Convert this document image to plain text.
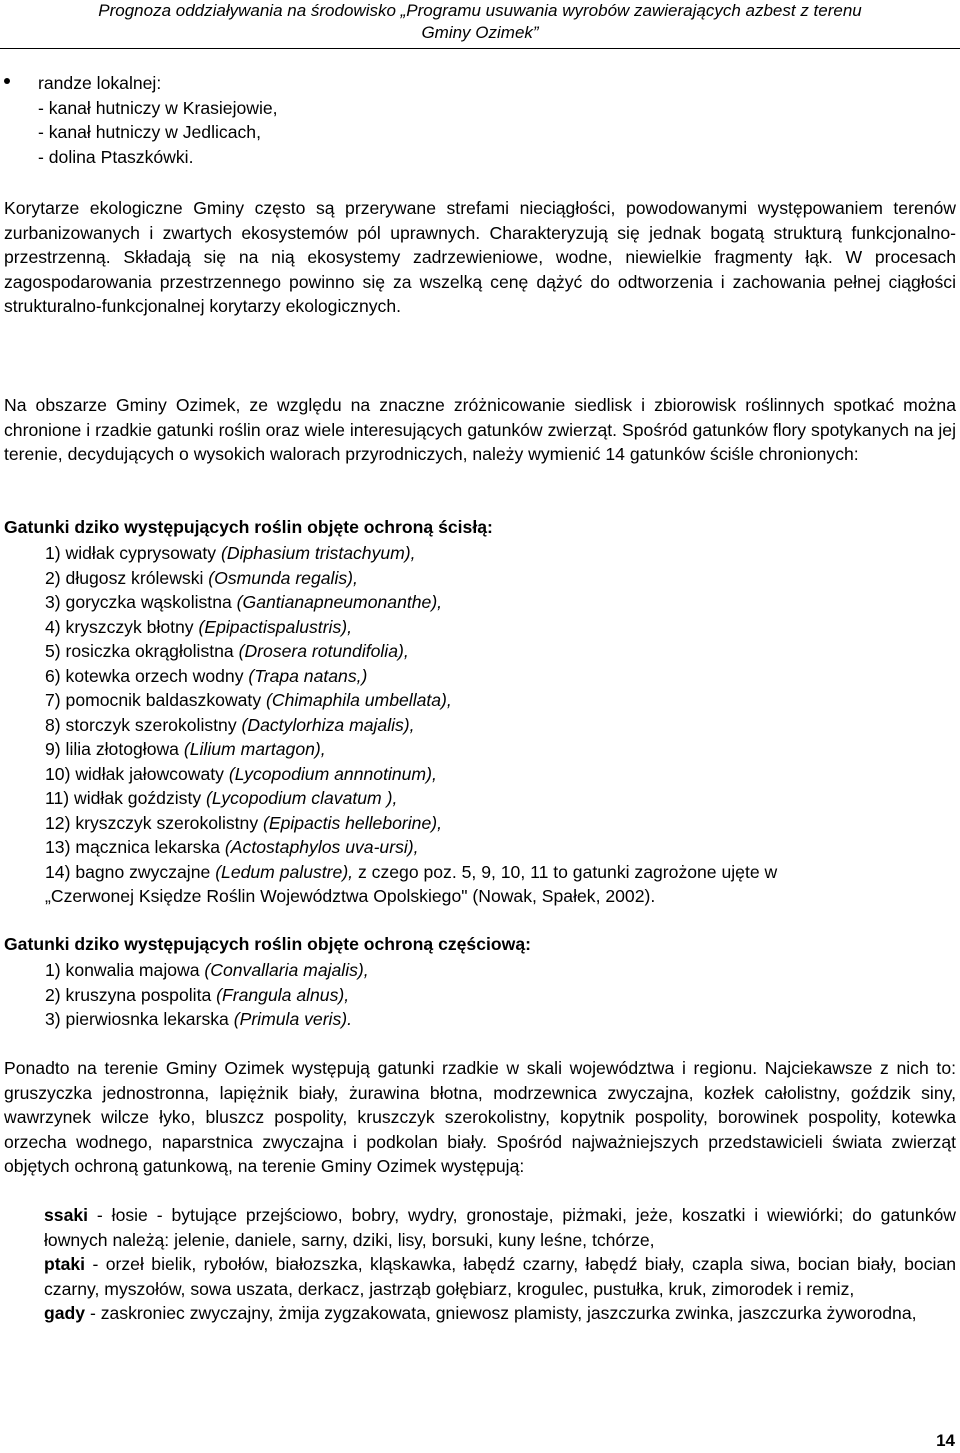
Prognoza oddziaływania na środowisko „Programu usuwania wyrobów zawierających azbest z terenu
Gminy Ozimek”
randze lokalnej:
- kanał hutniczy w Krasiejowie,
- kanał hutniczy w Jedlicach,
- dolina Ptaszkówki.

Korytarze ekologiczne Gminy często są przerywane strefami nieciągłości, powodowanymi występowaniem terenów zurbanizowanych i zwartych ekosystemów pól uprawnych. Charakteryzują się jednak bogatą strukturą funkcjonalno-przestrzenną. Składają się na nią ekosystemy zadrzewieniowe, wodne, niewielkie fragmenty łąk. W procesach zagospodarowania przestrzennego powinno się za wszelką cenę dążyć do odtworzenia i zachowania pełnej ciągłości strukturalno-funkcjonalnej korytarzy ekologicznych.

Na obszarze Gminy Ozimek, ze względu na znaczne zróżnicowanie siedlisk i zbiorowisk roślinnych spotkać można chronione i rzadkie gatunki roślin oraz wiele interesujących gatunków zwierząt. Spośród gatunków flory spotykanych na jej terenie, decydujących o wysokich walorach przyrodniczych, należy wymienić 14 gatunków ściśle chronionych:

Gatunki dziko występujących roślin objęte ochroną ścisłą:
1) widłak cyprysowaty (Diphasium tristachyum),
2) długosz królewski (Osmunda regalis),
3) goryczka wąskolistna (Gantianapneumonanthe),
4) kryszczyk błotny (Epipactispalustris),
5) rosiczka okrągłolistna (Drosera rotundifolia),
6) kotewka orzech wodny (Trapa natans,)
7) pomocnik baldaszkowaty (Chimaphila umbellata),
8) storczyk szerokolistny (Dactylorhiza majalis),
9) lilia złotogłowa (Lilium martagon),
10) widłak jałowcowaty (Lycopodium annnotinum),
11) widłak goździsty (Lycopodium clavatum ),
12) kryszczyk szerokolistny (Epipactis helleborine),
13) mącznica lekarska (Actostaphylos uva-ursi),
14) bagno zwyczajne (Ledum palustre), z czego poz. 5, 9, 10, 11 to gatunki zagrożone ujęte w
„Czerwonej Księdze Roślin Województwa Opolskiego" (Nowak, Spałek, 2002).
Gatunki dziko występujących roślin objęte ochroną częściową:
1) konwalia majowa (Convallaria majalis),
2) kruszyna pospolita (Frangula alnus),
3) pierwiosnka lekarska (Primula veris).

Ponadto na terenie Gminy Ozimek występują gatunki rzadkie w skali województwa i regionu. Najciekawsze z nich to: gruszyczka jednostronna, lapiężnik biały, żurawina błotna, modrzewnica zwyczajna, kozłek całolistny, goździk siny, wawrzynek wilcze łyko, bluszcz pospolity, kruszczyk szerokolistny, kopytnik pospolity, borowinek pospolity, kotewka orzecha wodnego, naparstnica zwyczajna i podkolan biały. Spośród najważniejszych przedstawicieli świata zwierząt objętych ochroną gatunkową, na terenie Gminy Ozimek występują:

ssaki - łosie - bytujące przejściowo, bobry, wydry, gronostaje, piżmaki, jeże, koszatki i wiewiórki; do gatunków łownych należą: jelenie, daniele, sarny, dziki, lisy, borsuki, kuny leśne, tchórze,

ptaki - orzeł bielik, rybołów, białozszka, kląskawka, łabędź czarny, łabędź biały, czapla siwa, bocian biały, bocian czarny, myszołów, sowa uszata, derkacz, jastrząb gołębiarz, krogulec, pustułka, kruk, zimorodek i remiz,

gady - zaskroniec zwyczajny, żmija zygzakowata, gniewosz plamisty, jaszczurka zwinka, jaszczurka żyworodna,

14
